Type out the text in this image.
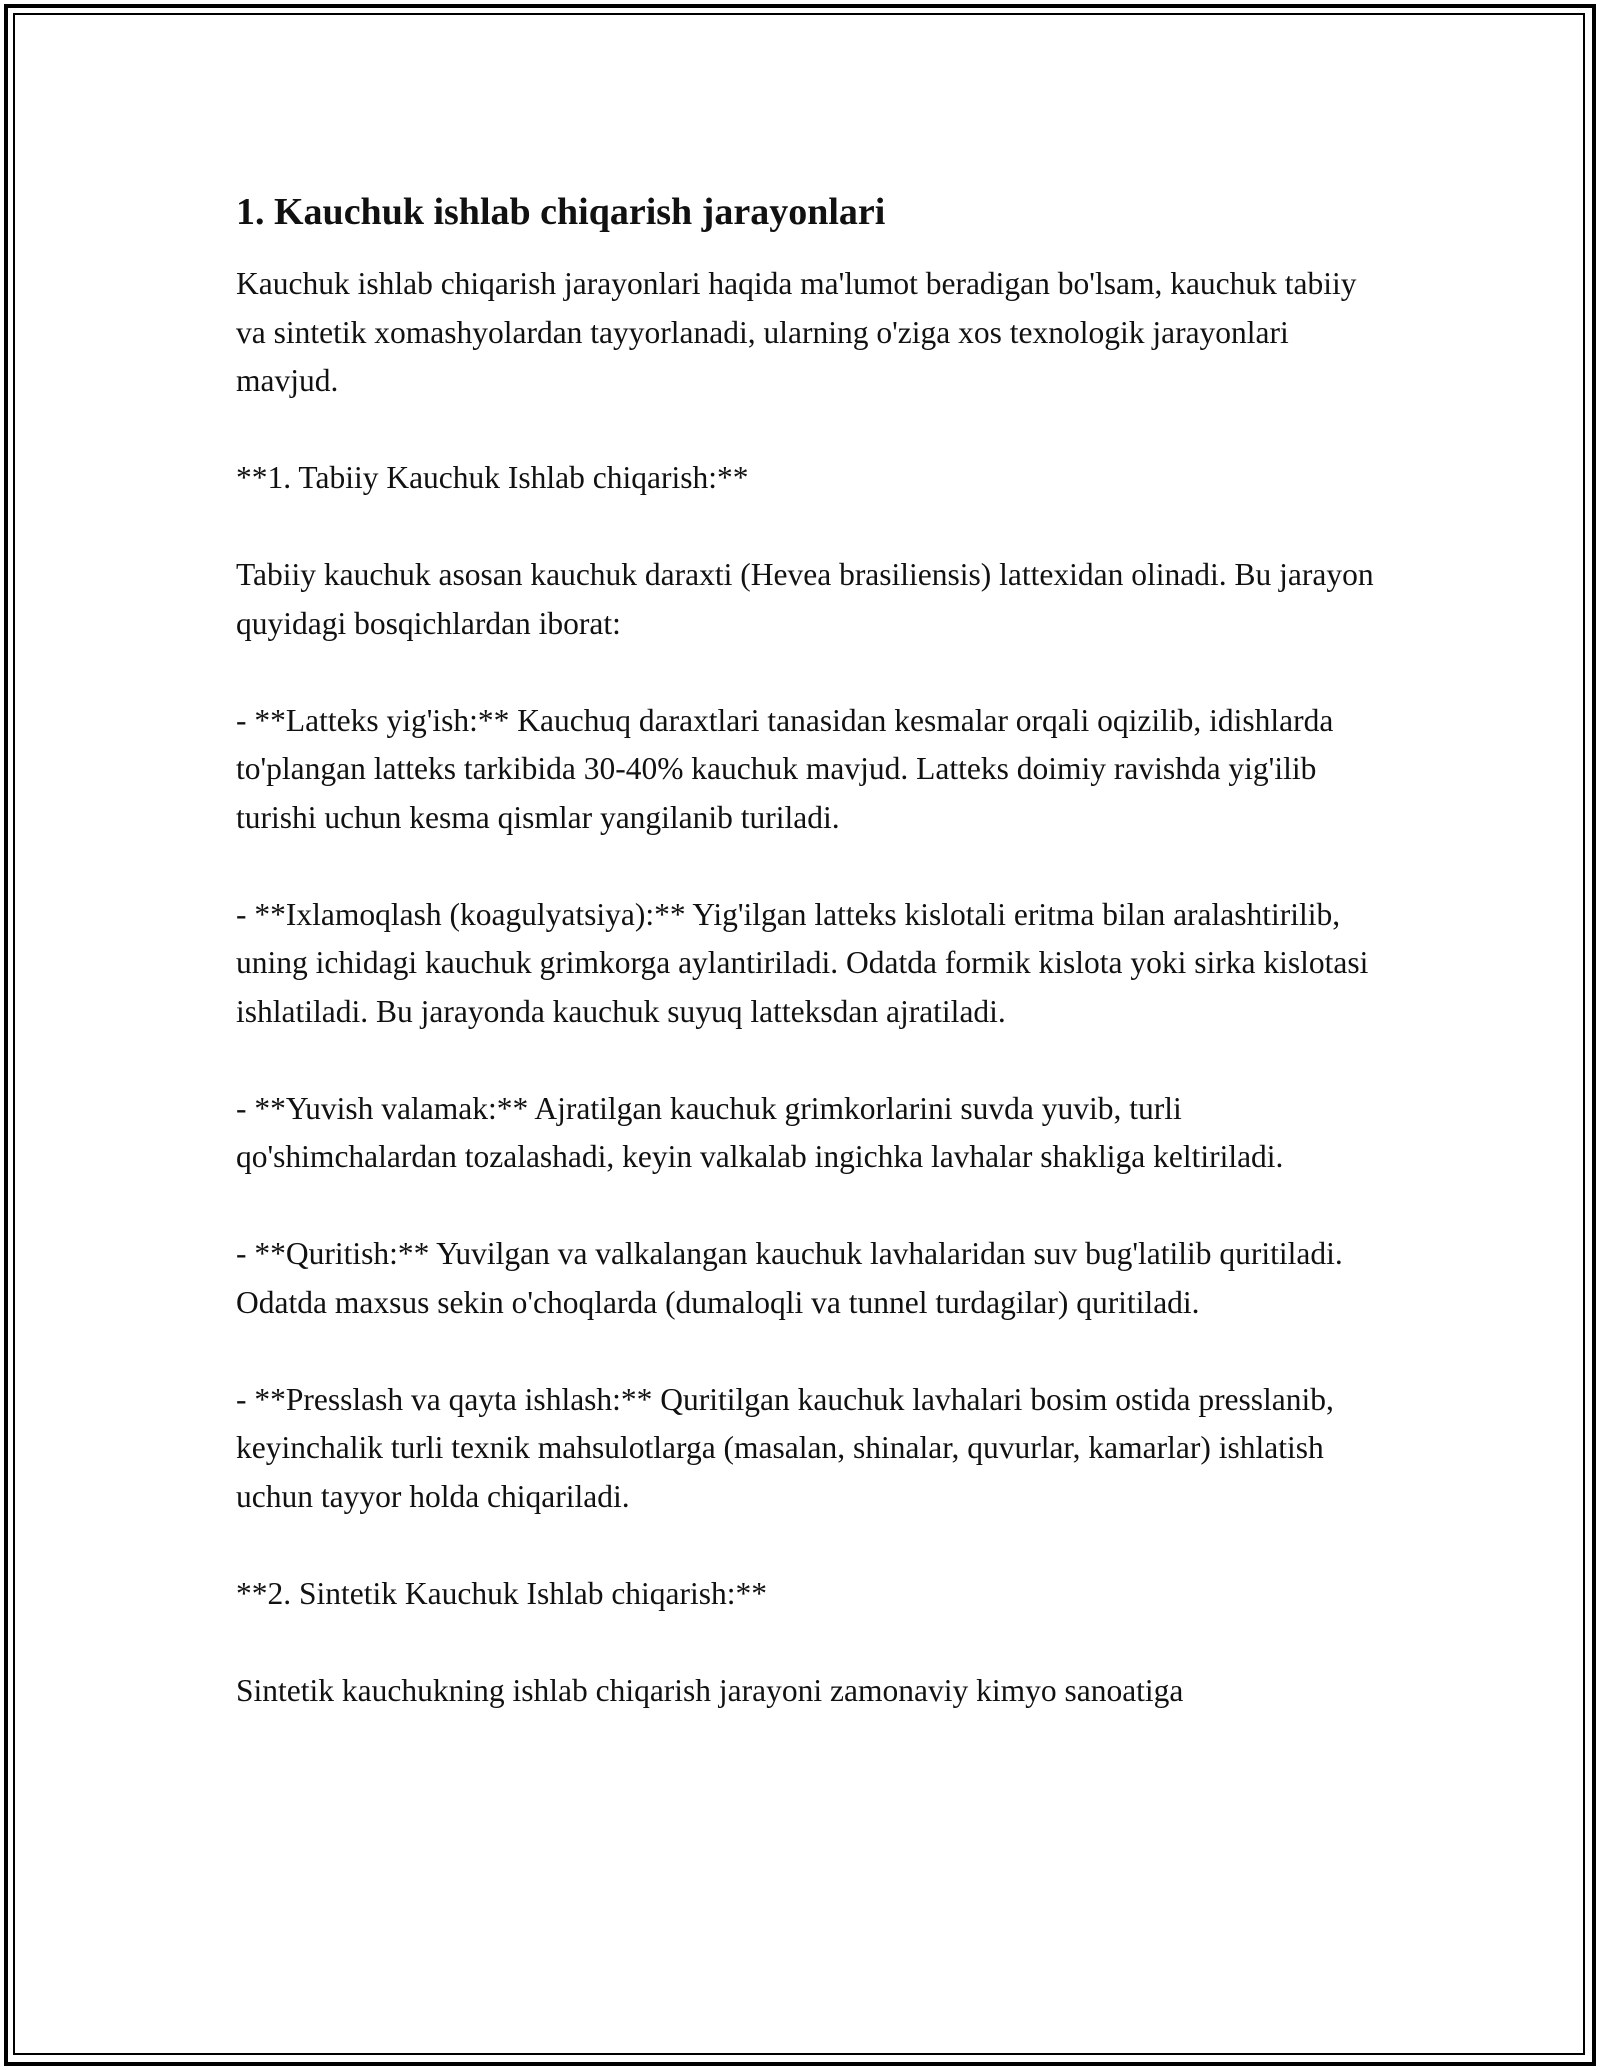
1. Kauchuk ishlab chiqarish jarayonlari

Kauchuk ishlab chiqarish jarayonlari haqida ma'lumot beradigan bo'lsam, kauchuk tabiiy va sintetik xomashyolardan tayyorlanadi, ularning o'ziga xos texnologik jarayonlari mavjud.

**1. Tabiiy Kauchuk Ishlab chiqarish:**

Tabiiy kauchuk asosan kauchuk daraxti (Hevea brasiliensis) lattexidan olinadi. Bu jarayon quyidagi bosqichlardan iborat:

- **Latteks yig'ish:** Kauchuq daraxtlari tanasidan kesmalar orqali oqizilib, idishlarda to'plangan latteks tarkibida 30-40% kauchuk mavjud. Latteks doimiy ravishda yig'ilib turishi uchun kesma qismlar yangilanib turiladi.

- **Ixlamoqlash (koagulyatsiya):** Yig'ilgan latteks kislotali eritma bilan aralashtirilib, uning ichidagi kauchuk grimkorga aylantiriladi. Odatda formik kislota yoki sirka kislotasi ishlatiladi. Bu jarayonda kauchuk suyuq latteksdan ajratiladi.

- **Yuvish valamak:** Ajratilgan kauchuk grimkorlarini suvda yuvib, turli qo'shimchalardan tozalashadi, keyin valkalab ingichka lavhalar shakliga keltiriladi.

- **Quritish:** Yuvilgan va valkalangan kauchuk lavhalaridan suv bug'latilib quritiladi. Odatda maxsus sekin o'choqlarda (dumaloqli va tunnel turdagilar) quritiladi.

- **Presslash va qayta ishlash:** Quritilgan kauchuk lavhalari bosim ostida presslanib, keyinchalik turli texnik mahsulotlarga (masalan, shinalar, quvurlar, kamarlar) ishlatish uchun tayyor holda chiqariladi.

**2. Sintetik Kauchuk Ishlab chiqarish:**

Sintetik kauchukning ishlab chiqarish jarayoni zamonaviy kimyo sanoatiga
